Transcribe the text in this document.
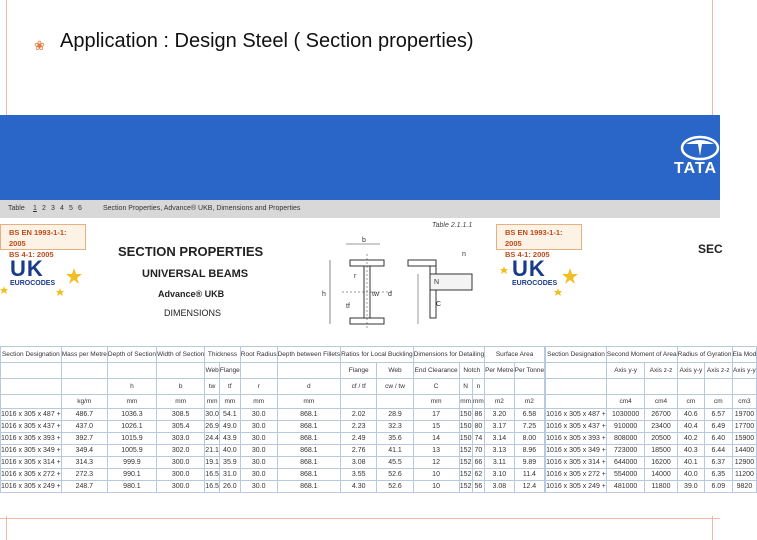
❀ Application : Design Steel ( Section properties)
TATA
Table 1 2 3 4 5 6	Section Properties, Advance® UKB, Dimensions and Properties
BS EN 1993-1-1: 2005
BS 4-1: 2005
BS EN 1993-1-1: 2005
BS 4-1: 2005
UK
EUROCODES
UK
EUROCODES
SECTION PROPERTIES
UNIVERSAL BEAMS
Advance® UKB
DIMENSIONS
Table 2.1.1.1
SEC
b
h
r
tw
tf
d
N
n
C
Section Designation	Mass per Metre	Depth of Section	Width of Section	Thickness		Root Radius	Depth between Fillets	Ratios for Local Buckling		Dimensions for Detailing			Surface Area		Section Designation	Second Moment of Area		Radius of Gyration		Ela Mod
				Web	Flange			Flange	Web	End Clearance	Notch		Per Metre	Per Tonne			Axis y-y	Axis z-z	Axis y-y	Axis z-z	Axis y-y
		h	b	tw	tf	r	d	cf / tf	cw / tw	C	N	n									
	kg/m	mm	mm	mm	mm	mm	mm			mm	mm	mm	m2	m2			cm4	cm4	cm	cm	cm3
1016 x 305 x 487 +	486.7	1036.3	308.5	30.0	54.1	30.0	868.1	2.02	28.9	17	150	86	3.20	6.58		1016 x 305 x 487 +	1030000	26700	40.6	6.57	19700
1016 x 305 x 437 +	437.0	1026.1	305.4	26.9	49.0	30.0	868.1	2.23	32.3	15	150	80	3.17	7.25		1016 x 305 x 437 +	910000	23400	40.4	6.49	17700
1016 x 305 x 393 +	392.7	1015.9	303.0	24.4	43.9	30.0	868.1	2.49	35.6	14	150	74	3.14	8.00		1016 x 305 x 393 +	808000	20500	40.2	6.40	15900
1016 x 305 x 349 +	349.4	1005.9	302.0	21.1	40.0	30.0	868.1	2.76	41.1	13	152	70	3.13	8.96		1016 x 305 x 349 +	723000	18500	40.3	6.44	14400
1016 x 305 x 314 +	314.3	999.9	300.0	19.1	35.9	30.0	868.1	3.08	45.5	12	152	66	3.11	9.89		1016 x 305 x 314 +	644000	16200	40.1	6.37	12900
1016 x 305 x 272 +	272.3	990.1	300.0	16.5	31.0	30.0	868.1	3.55	52.6	10	152	62	3.10	11.4		1016 x 305 x 272 +	554000	14000	40.0	6.35	11200
1016 x 305 x 249 +	248.7	980.1	300.0	16.5	26.0	30.0	868.1	4.30	52.6	10	152	56	3.08	12.4		1016 x 305 x 249 +	481000	11800	39.0	6.09	9820
